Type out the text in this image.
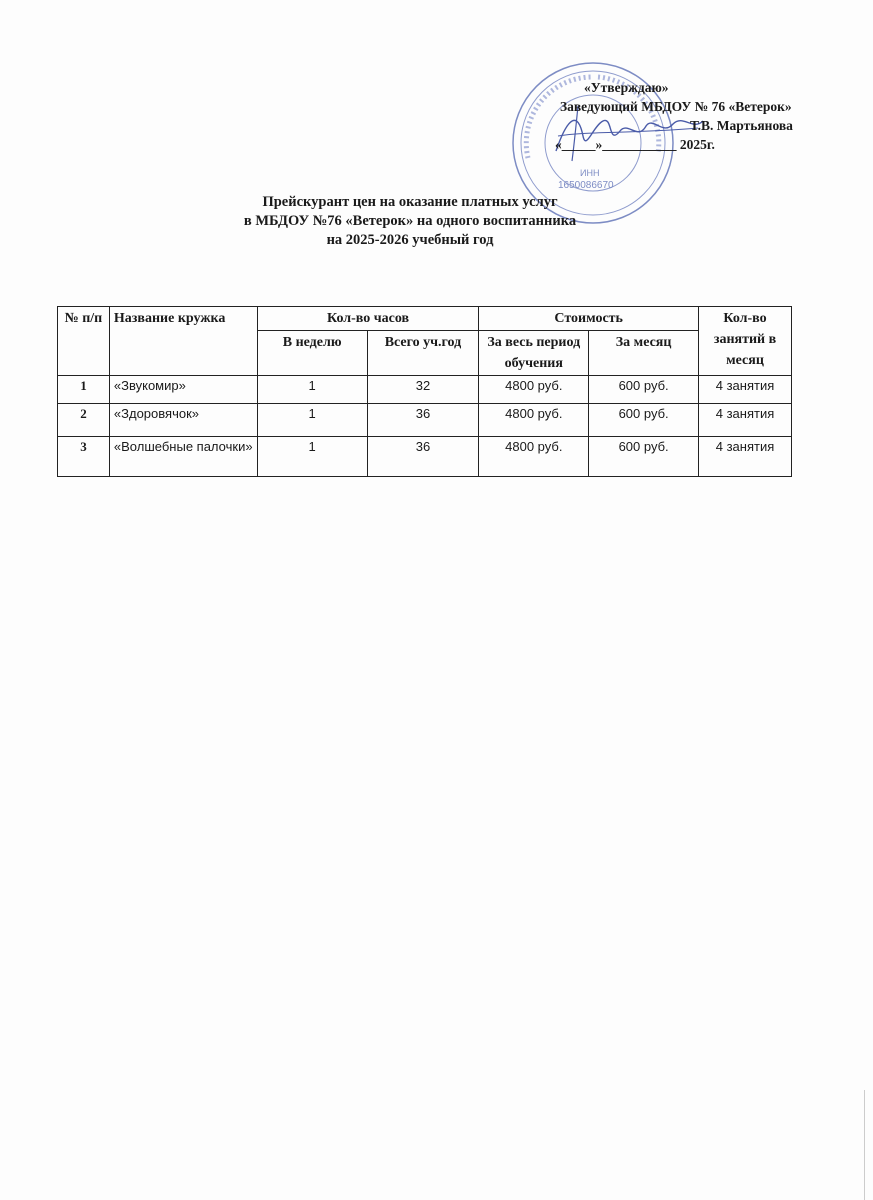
ИНН
1650086670
«Утверждаю»
Заведующий МБДОУ № 76 «Ветерок»
Т.В. Мартьянова
«_____»___________ 2025г.
Прейскурант цен на оказание платных услуг
в МБДОУ №76 «Ветерок» на одного воспитанника
на 2025-2026 учебный год
№ п/п	Название кружка	Кол-во часов		Стоимость		Кол-во занятий в месяц
		В неделю	Всего уч.год	За весь период обучения	За месяц	
1	«Звукомир»	1	32	4800 руб.	600 руб.	4 занятия
2	«Здоровячок»	1	36	4800 руб.	600 руб.	4 занятия
3	«Волшебные палочки»	1	36	4800 руб.	600 руб.	4 занятия
